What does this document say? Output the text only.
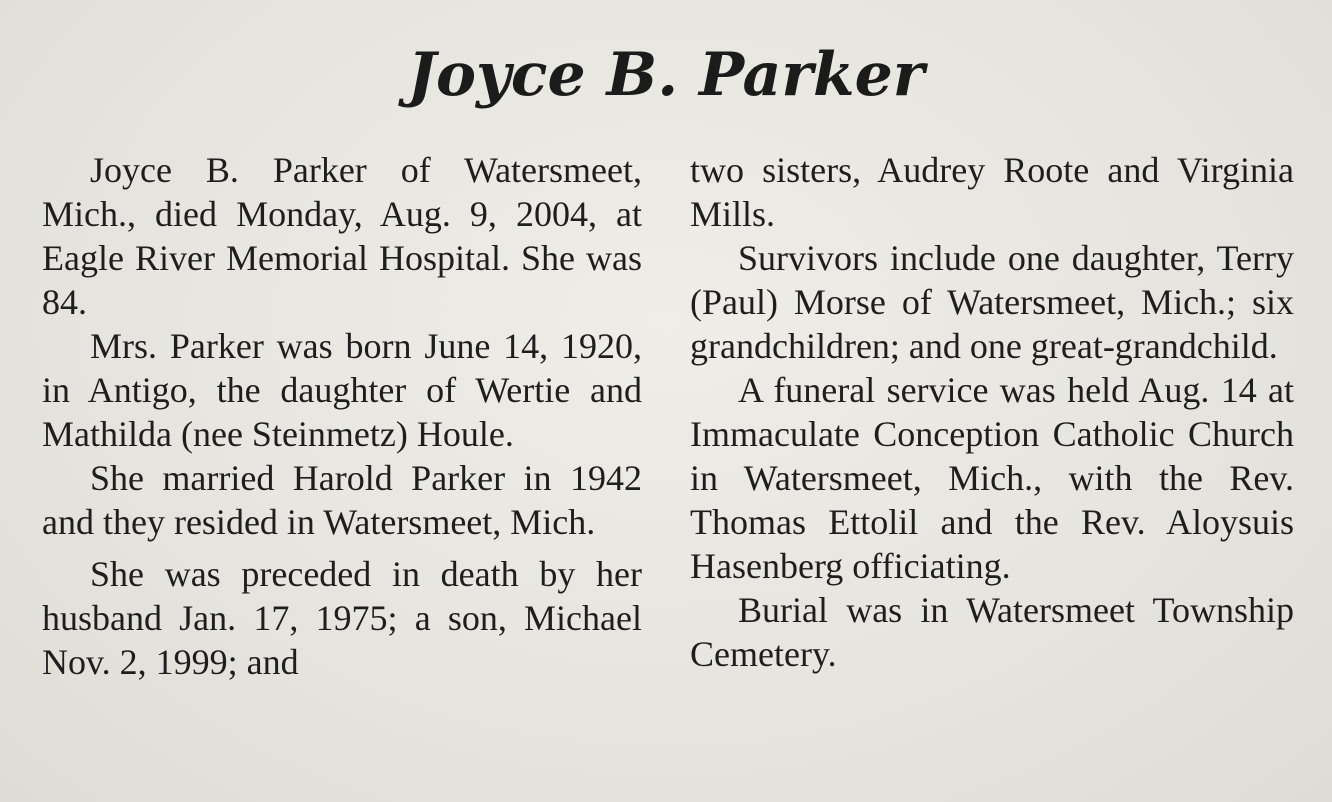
Joyce B. Parker

Joyce B. Parker of Watersmeet, Mich., died Monday, Aug. 9, 2004, at Eagle River Memorial Hospital. She was 84.

Mrs. Parker was born June 14, 1920, in Antigo, the daughter of Wertie and Mathilda (nee Steinmetz) Houle.

She married Harold Parker in 1942 and they resided in Watersmeet, Mich.

She was preceded in death by her husband Jan. 17, 1975; a son, Michael Nov. 2, 1999; and

two sisters, Audrey Roote and Virginia Mills.

Survivors include one daughter, Terry (Paul) Morse of Watersmeet, Mich.; six grandchildren; and one great-grandchild.

A funeral service was held Aug. 14 at Immaculate Conception Catholic Church in Watersmeet, Mich., with the Rev. Thomas Ettolil and the Rev. Aloysuis Hasenberg officiating.

Burial was in Watersmeet Township Cemetery.
